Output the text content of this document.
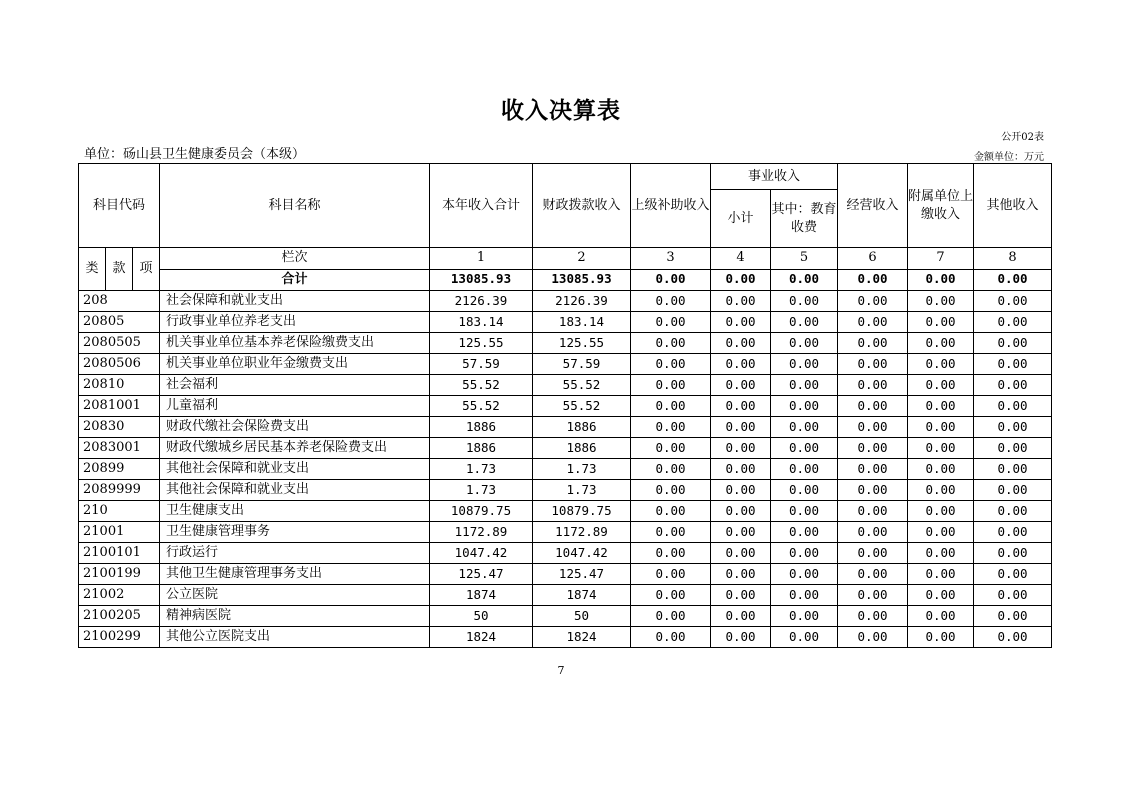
收入决算表
公开02表
单位：砀山县卫生健康委员会（本级）	金额单位：万元
科目代码	科目名称	本年收入合计	财政拨款收入	上级补助收入	事业收入		经营收入	附属单位上缴收入	其他收入
					小计	其中：教育收费			

类 款 项	栏次	1	2	3	4	5	6	7	8
	合计	13085.93	13085.93	0.00	0.00	0.00	0.00	0.00	0.00
208	社会保障和就业支出	2126.39	2126.39	0.00	0.00	0.00	0.00	0.00	0.00
20805	行政事业单位养老支出	183.14	183.14	0.00	0.00	0.00	0.00	0.00	0.00
2080505	机关事业单位基本养老保险缴费支出	125.55	125.55	0.00	0.00	0.00	0.00	0.00	0.00
2080506	机关事业单位职业年金缴费支出	57.59	57.59	0.00	0.00	0.00	0.00	0.00	0.00
20810	社会福利	55.52	55.52	0.00	0.00	0.00	0.00	0.00	0.00
2081001	儿童福利	55.52	55.52	0.00	0.00	0.00	0.00	0.00	0.00
20830	财政代缴社会保险费支出	1886	1886	0.00	0.00	0.00	0.00	0.00	0.00
2083001	财政代缴城乡居民基本养老保险费支出	1886	1886	0.00	0.00	0.00	0.00	0.00	0.00
20899	其他社会保障和就业支出	1.73	1.73	0.00	0.00	0.00	0.00	0.00	0.00
2089999	其他社会保障和就业支出	1.73	1.73	0.00	0.00	0.00	0.00	0.00	0.00
210	卫生健康支出	10879.75	10879.75	0.00	0.00	0.00	0.00	0.00	0.00
21001	卫生健康管理事务	1172.89	1172.89	0.00	0.00	0.00	0.00	0.00	0.00
2100101	行政运行	1047.42	1047.42	0.00	0.00	0.00	0.00	0.00	0.00
2100199	其他卫生健康管理事务支出	125.47	125.47	0.00	0.00	0.00	0.00	0.00	0.00
21002	公立医院	1874	1874	0.00	0.00	0.00	0.00	0.00	0.00
2100205	精神病医院	50	50	0.00	0.00	0.00	0.00	0.00	0.00
2100299	其他公立医院支出	1824	1824	0.00	0.00	0.00	0.00	0.00	0.00
7
